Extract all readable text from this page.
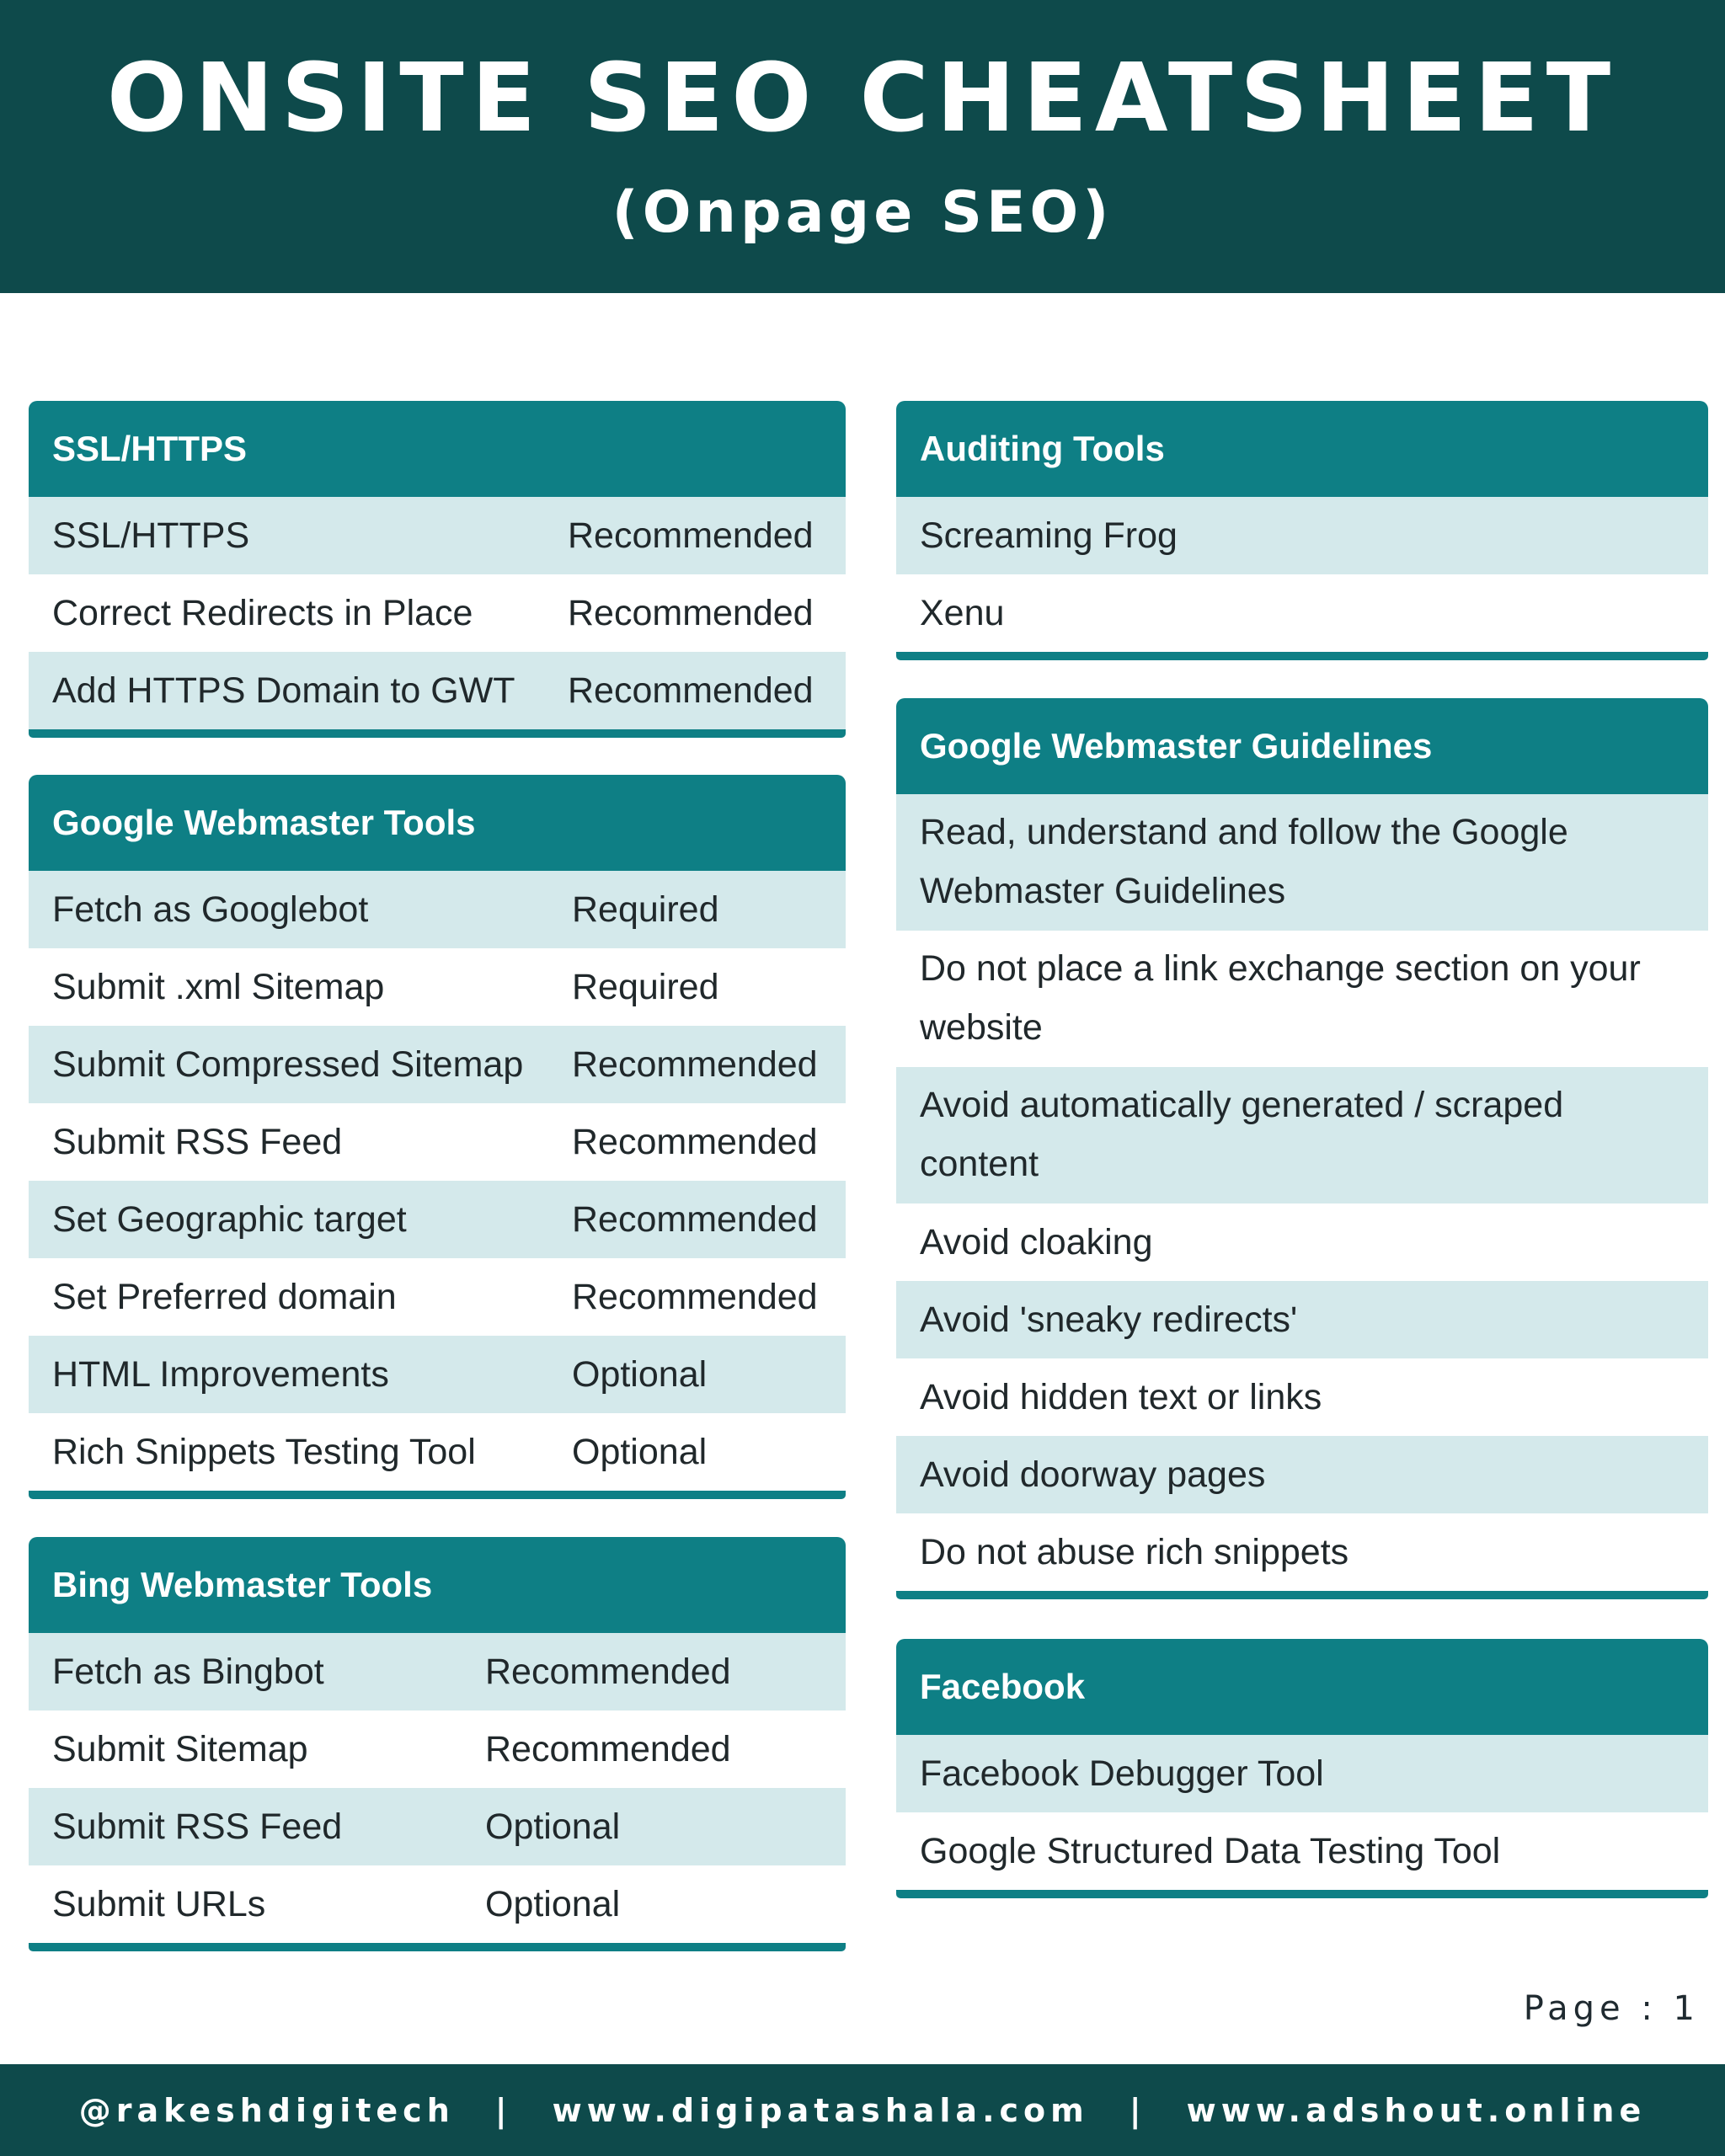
ONSITE SEO CHEATSHEET
(Onpage SEO)
SSL/HTTPS
SSL/HTTPS	Recommended
Correct Redirects in Place	Recommended
Add HTTPS Domain to GWT	Recommended
Google Webmaster Tools
Fetch as Googlebot	Required
Submit .xml Sitemap	Required
Submit Compressed Sitemap	Recommended
Submit RSS Feed	Recommended
Set Geographic target	Recommended
Set Preferred domain	Recommended
HTML Improvements	Optional
Rich Snippets Testing Tool	Optional
Bing Webmaster Tools
Fetch as Bingbot	Recommended
Submit Sitemap	Recommended
Submit RSS Feed	Optional
Submit URLs	Optional
Auditing Tools
Screaming Frog
Xenu
Google Webmaster Guidelines
Read, understand and follow the Google Webmaster Guidelines
Do not place a link exchange section on your website
Avoid automatically generated / scraped content
Avoid cloaking
Avoid 'sneaky redirects'
Avoid hidden text or links
Avoid doorway pages
Do not abuse rich snippets
Facebook
Facebook Debugger Tool
Google Structured Data Testing Tool
Page : 1
@rakeshdigitech | www.digipatashala.com | www.adshout.online
